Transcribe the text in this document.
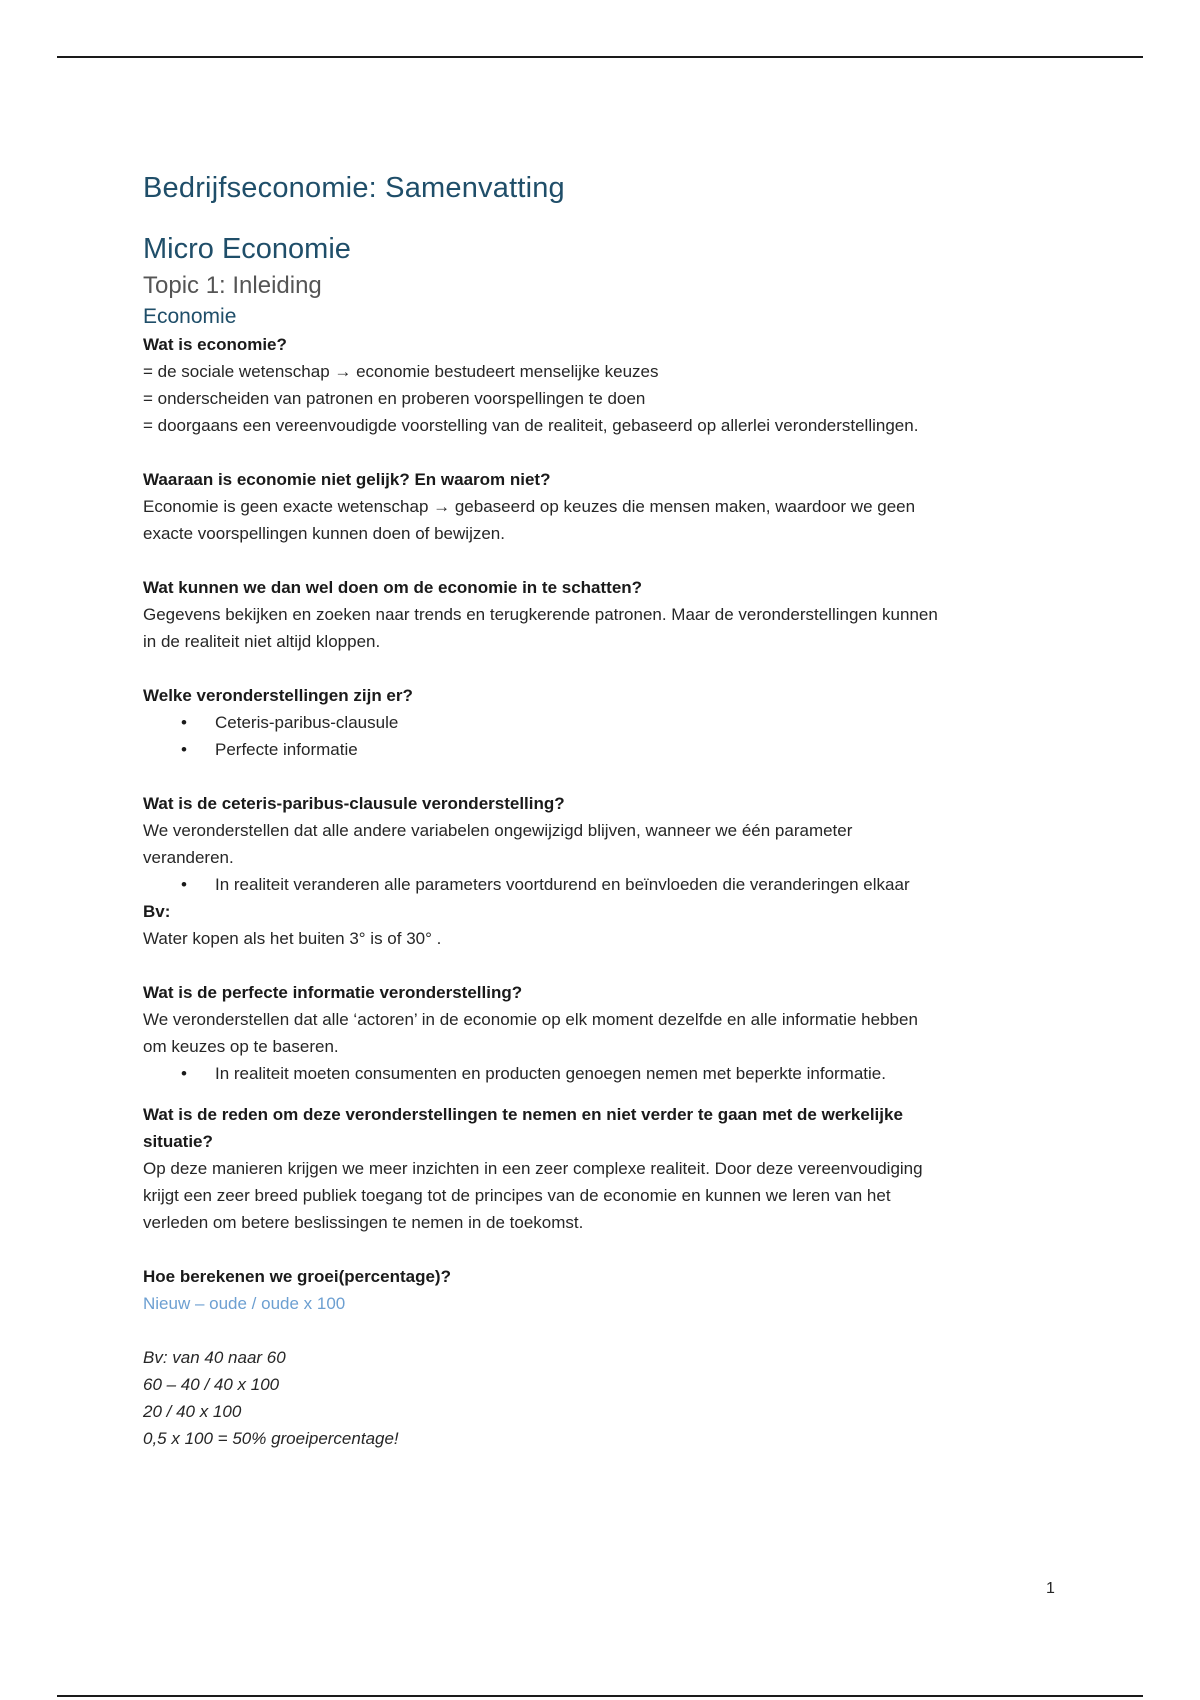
Bedrijfseconomie: Samenvatting
Micro Economie
Topic 1: Inleiding
Economie

Wat is economie?

= de sociale wetenschap → economie bestudeert menselijke keuzes

= onderscheiden van patronen en proberen voorspellingen te doen

= doorgaans een vereenvoudigde voorstelling van de realiteit, gebaseerd op allerlei veronderstellingen.

Waaraan is economie niet gelijk? En waarom niet?

Economie is geen exacte wetenschap → gebaseerd op keuzes die mensen maken, waardoor we geen

exacte voorspellingen kunnen doen of bewijzen.

Wat kunnen we dan wel doen om de economie in te schatten?

Gegevens bekijken en zoeken naar trends en terugkerende patronen. Maar de veronderstellingen kunnen

in de realiteit niet altijd kloppen.

Welke veronderstellingen zijn er?

• Ceteris-paribus-clausule
• Perfecte informatie

Wat is de ceteris-paribus-clausule veronderstelling?

We veronderstellen dat alle andere variabelen ongewijzigd blijven, wanneer we één parameter

veranderen.

• In realiteit veranderen alle parameters voortdurend en beïnvloeden die veranderingen elkaar

Bv:

Water kopen als het buiten 3° is of 30° .

Wat is de perfecte informatie veronderstelling?

We veronderstellen dat alle ‘actoren’ in de economie op elk moment dezelfde en alle informatie hebben

om keuzes op te baseren.

• In realiteit moeten consumenten en producten genoegen nemen met beperkte informatie.

Wat is de reden om deze veronderstellingen te nemen en niet verder te gaan met de werkelijke

situatie?

Op deze manieren krijgen we meer inzichten in een zeer complexe realiteit. Door deze vereenvoudiging

krijgt een zeer breed publiek toegang tot de principes van de economie en kunnen we leren van het

verleden om betere beslissingen te nemen in de toekomst.

Hoe berekenen we groei(percentage)?

Nieuw – oude / oude x 100

Bv: van 40 naar 60

60 – 40 / 40 x 100

20 / 40 x 100

0,5 x 100 = 50% groeipercentage!

1
